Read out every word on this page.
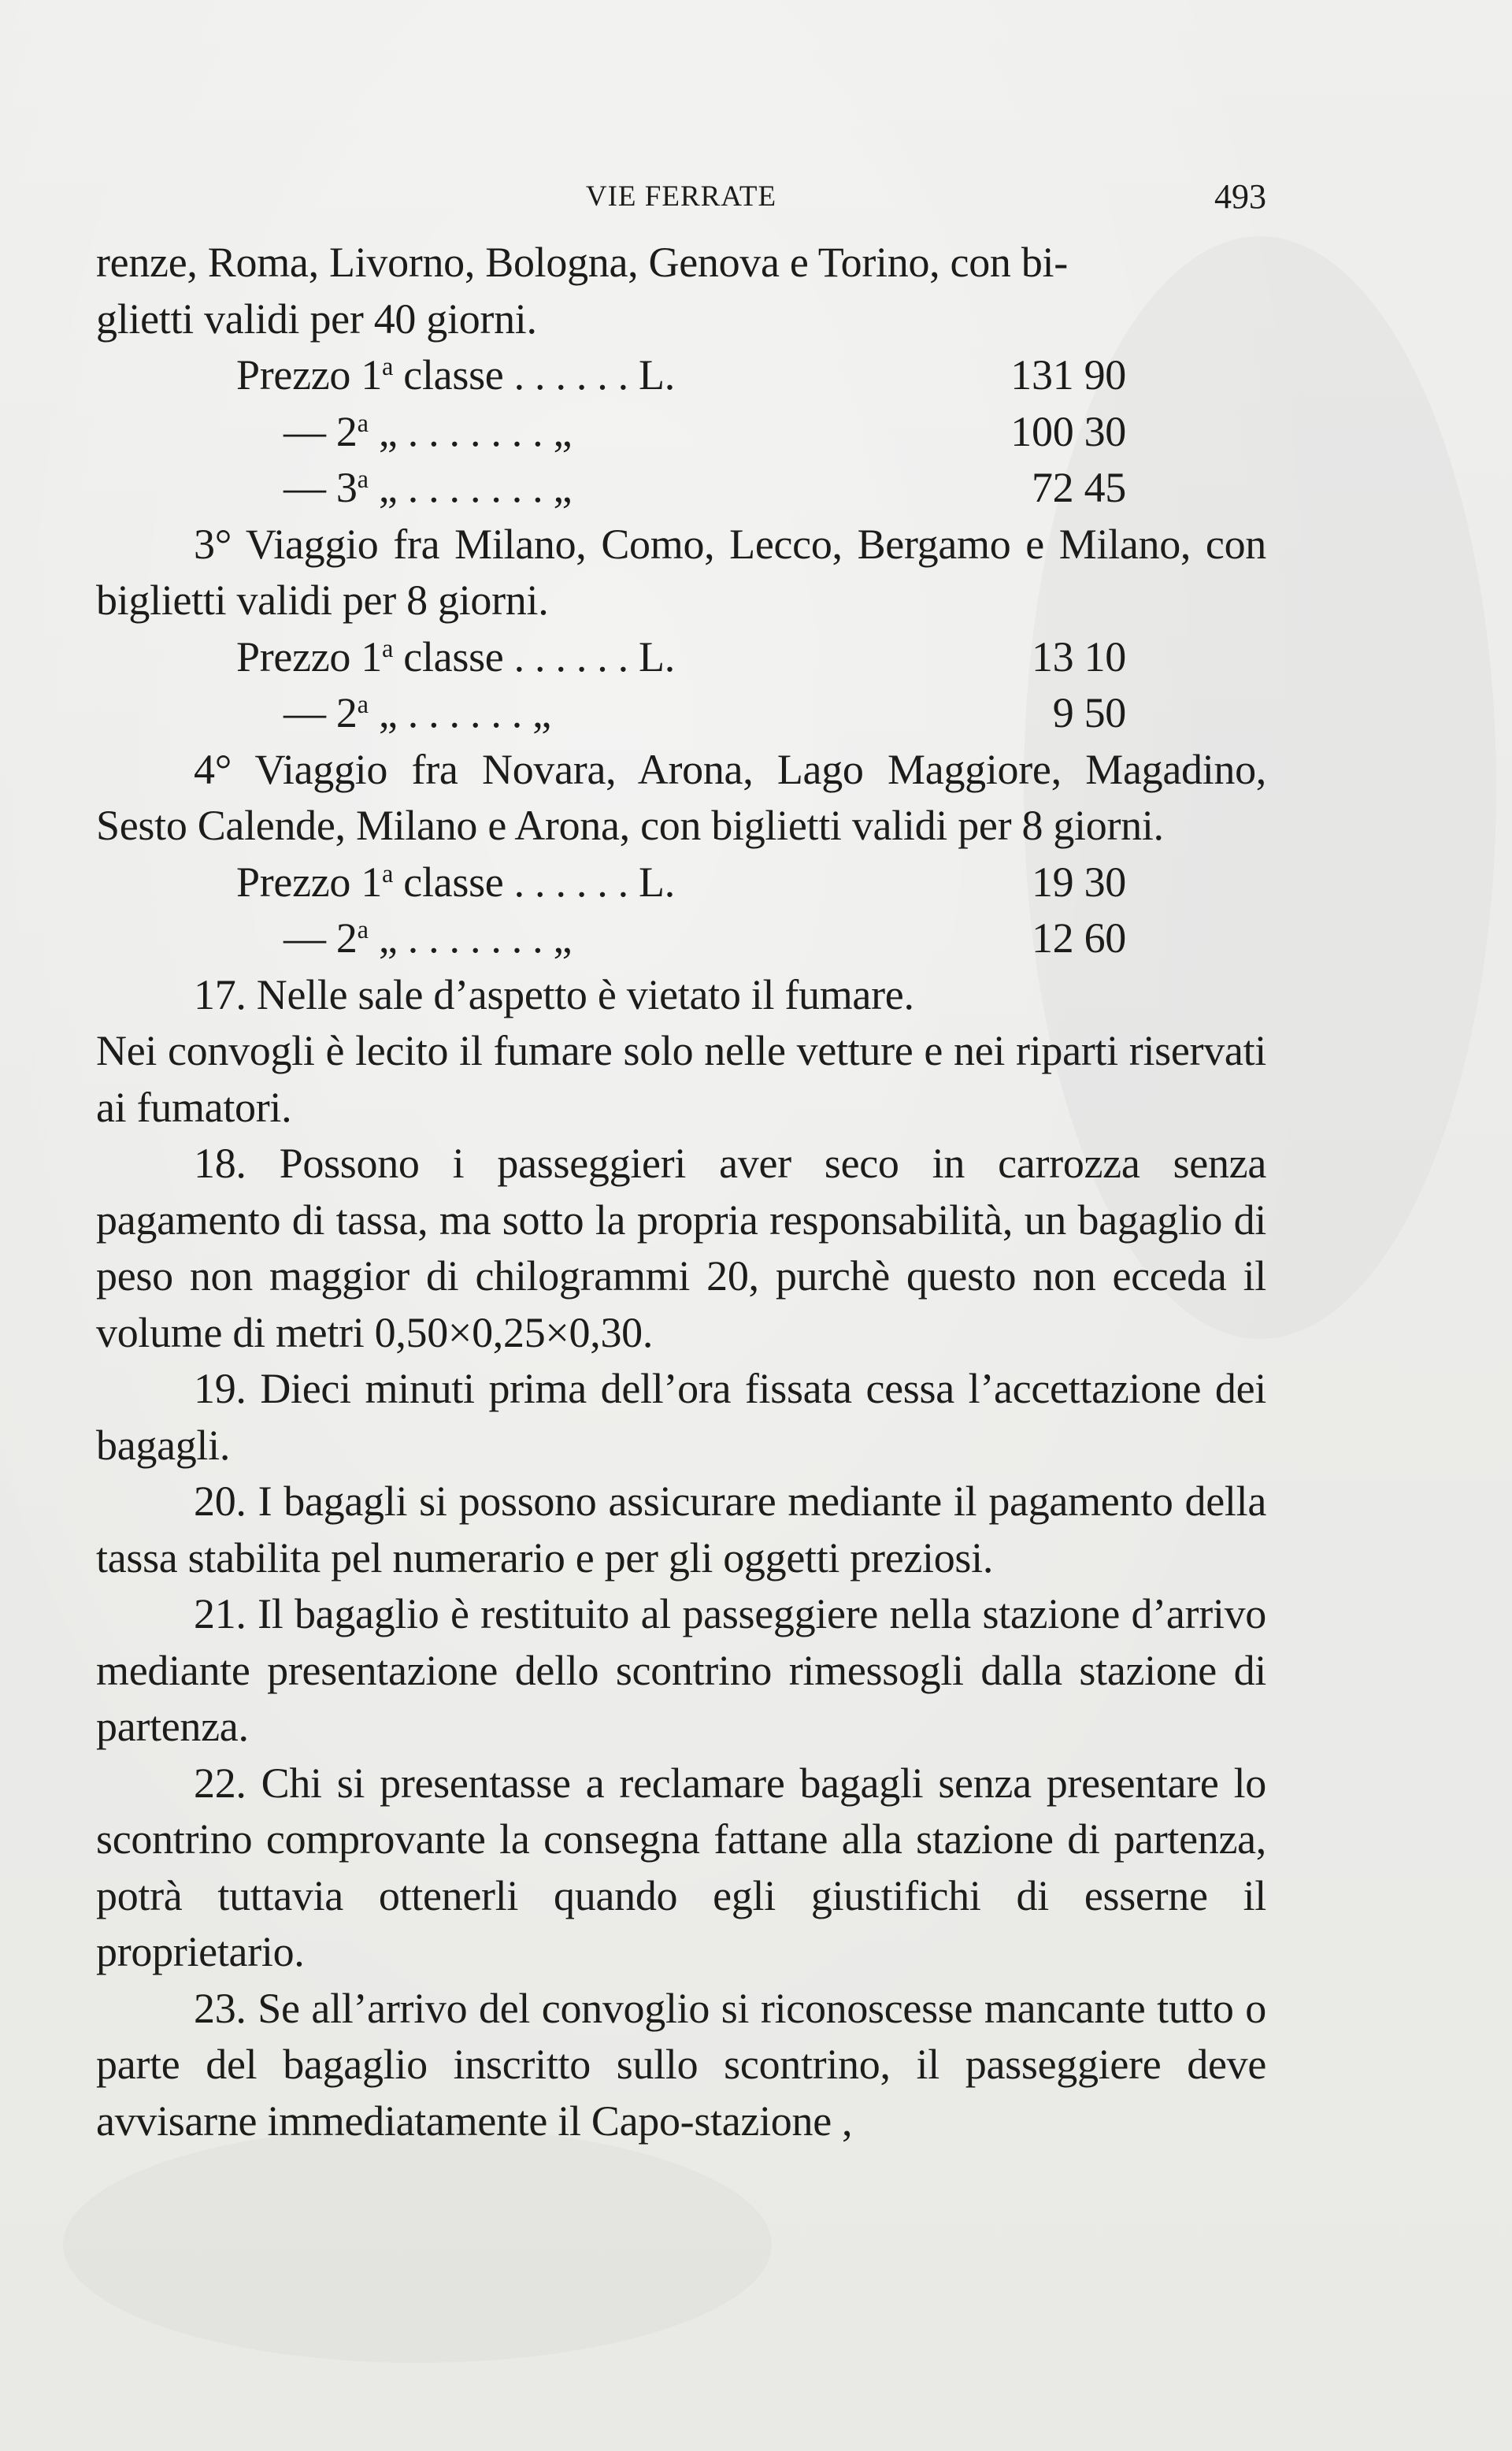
VIE FERRATE	493

renze, Roma, Livorno, Bologna, Genova e Torino, con bi-

glietti validi per 40 giorni.

Prezzo 1$^a$ classe . . . . . . L.	131 90
— 2$^a$ „ . . . . . . . „	100 30
— 3$^a$ „ . . . . . . . „	72 45

3° Viaggio fra Milano, Como, Lecco, Bergamo e Milano, con biglietti validi per 8 giorni.

Prezzo 1$^a$ classe . . . . . . L.	13 10
— 2$^a$ „ . . . . . . „	9 50

4° Viaggio fra Novara, Arona, Lago Maggiore, Magadino, Sesto Calende, Milano e Arona, con biglietti validi per 8 giorni.

Prezzo 1$^a$ classe . . . . . . L.	19 30
— 2$^a$ „ . . . . . . . „	12 60

17. Nelle sale d’aspetto è vietato il fumare.

Nei convogli è lecito il fumare solo nelle vetture e nei riparti riservati ai fumatori.

18. Possono i passeggieri aver seco in carrozza senza pagamento di tassa, ma sotto la propria responsabilità, un bagaglio di peso non maggior di chilogrammi 20, purchè questo non ecceda il volume di metri 0,50×0,25×0,30.

19. Dieci minuti prima dell’ora fissata cessa l’accettazione dei bagagli.

20. I bagagli si possono assicurare mediante il pagamento della tassa stabilita pel numerario e per gli oggetti preziosi.

21. Il bagaglio è restituito al passeggiere nella stazione d’arrivo mediante presentazione dello scontrino rimessogli dalla stazione di partenza.

22. Chi si presentasse a reclamare bagagli senza presentare lo scontrino comprovante la consegna fattane alla stazione di partenza, potrà tuttavia ottenerli quando egli giustifichi di esserne il proprietario.

23. Se all’arrivo del convoglio si riconoscesse mancante tutto o parte del bagaglio inscritto sullo scontrino, il passeggiere deve avvisarne immediatamente il Capo-stazione ,
